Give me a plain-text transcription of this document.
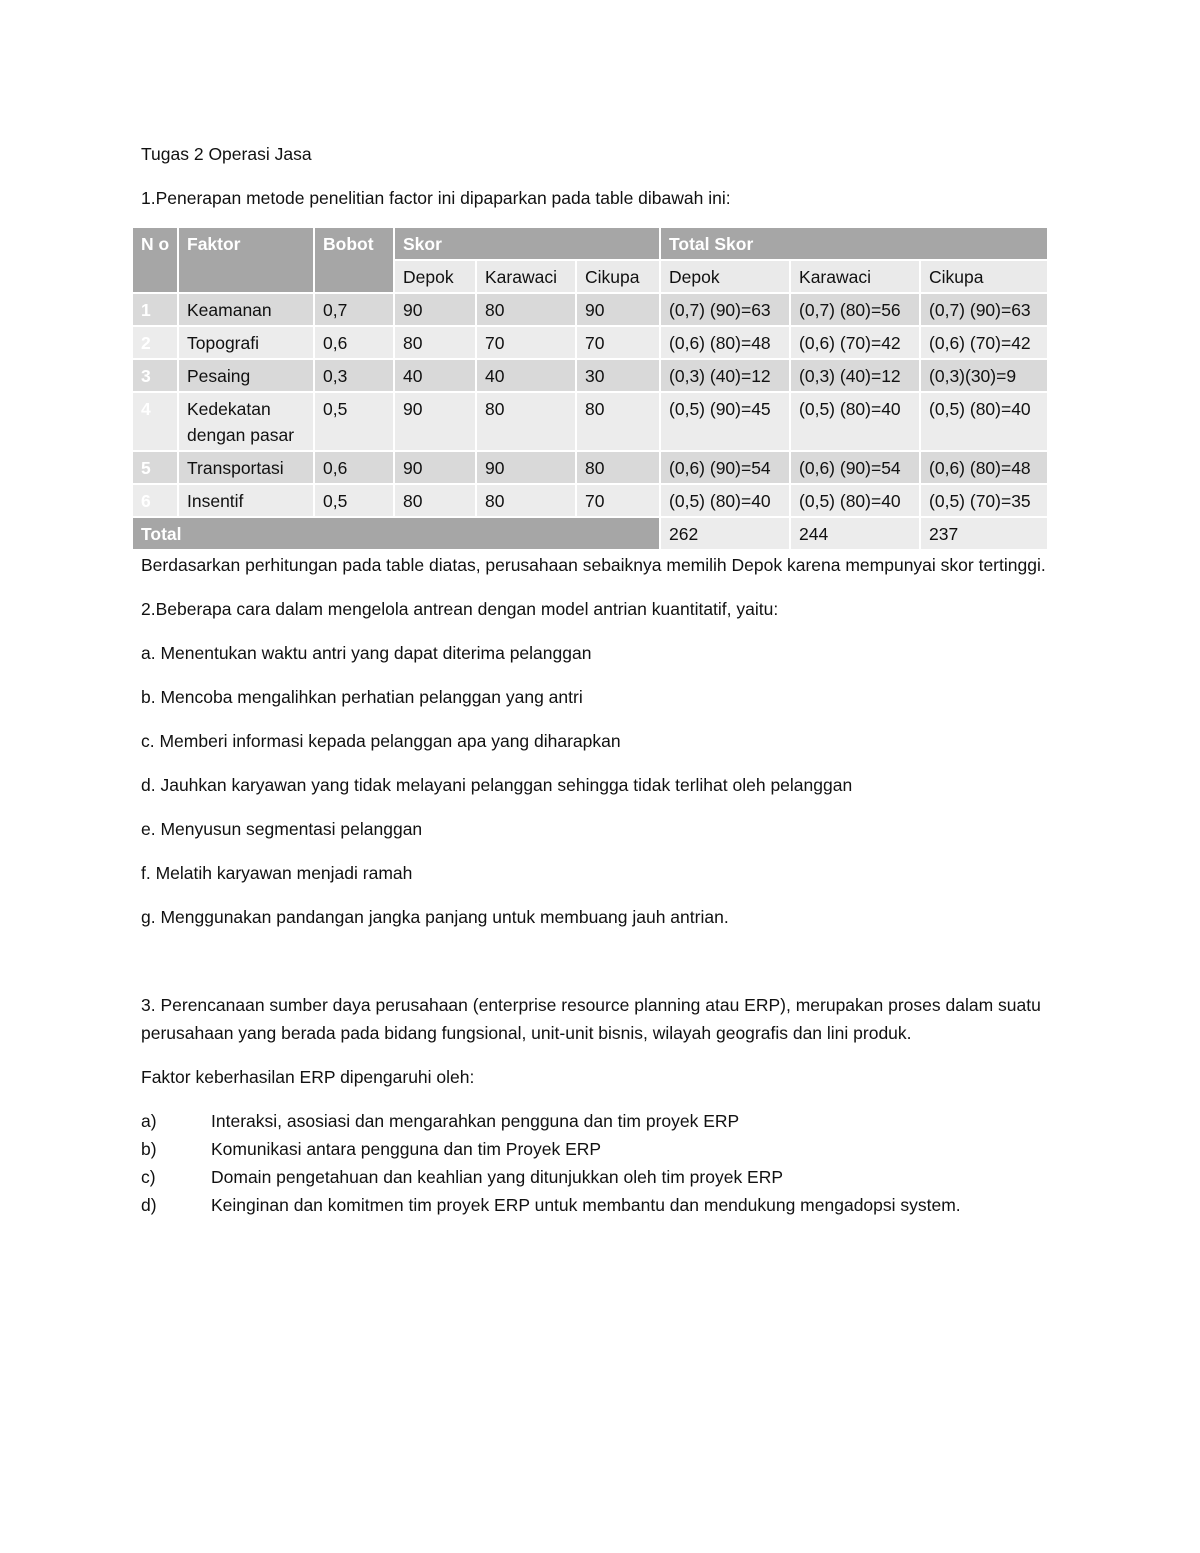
Tugas 2 Operasi Jasa

1.Penerapan metode penelitian factor ini dipaparkan pada table dibawah ini:

N o	Faktor	Bobot	Skor			Total Skor		
			Depok	Karawaci	Cikupa	Depok	Karawaci	Cikupa
1	Keamanan	0,7	90	80	90	(0,7) (90)=63	(0,7) (80)=56	(0,7) (90)=63
2	Topografi	0,6	80	70	70	(0,6) (80)=48	(0,6) (70)=42	(0,6) (70)=42
3	Pesaing	0,3	40	40	30	(0,3) (40)=12	(0,3) (40)=12	(0,3)(30)=9
4	Kedekatan dengan pasar	0,5	90	80	80	(0,5) (90)=45	(0,5) (80)=40	(0,5) (80)=40
5	Transportasi	0,6	90	90	80	(0,6) (90)=54	(0,6) (90)=54	(0,6) (80)=48
6	Insentif	0,5	80	80	70	(0,5) (80)=40	(0,5) (80)=40	(0,5) (70)=35
Total						262	244	237

Berdasarkan perhitungan pada table diatas, perusahaan sebaiknya memilih Depok karena mempunyai skor tertinggi.

2.Beberapa cara dalam mengelola antrean dengan model antrian kuantitatif, yaitu:

a. Menentukan waktu antri yang dapat diterima pelanggan

b. Mencoba mengalihkan perhatian pelanggan yang antri

c. Memberi informasi kepada pelanggan apa yang diharapkan

d. Jauhkan karyawan yang tidak melayani pelanggan sehingga tidak terlihat oleh pelanggan

e. Menyusun segmentasi pelanggan

f. Melatih karyawan menjadi ramah

g. Menggunakan pandangan jangka panjang untuk membuang jauh antrian.

3. Perencanaan sumber daya perusahaan (enterprise resource planning atau ERP), merupakan proses dalam suatu perusahaan yang berada pada bidang fungsional, unit-unit bisnis, wilayah geografis dan lini produk.

Faktor keberhasilan ERP dipengaruhi oleh:

a)	Interaksi, asosiasi dan mengarahkan pengguna dan tim proyek ERP
b)	Komunikasi antara pengguna dan tim Proyek ERP
c)	Domain pengetahuan dan keahlian yang ditunjukkan oleh tim proyek ERP
d)	Keinginan dan komitmen tim proyek ERP untuk membantu dan mendukung mengadopsi system.
